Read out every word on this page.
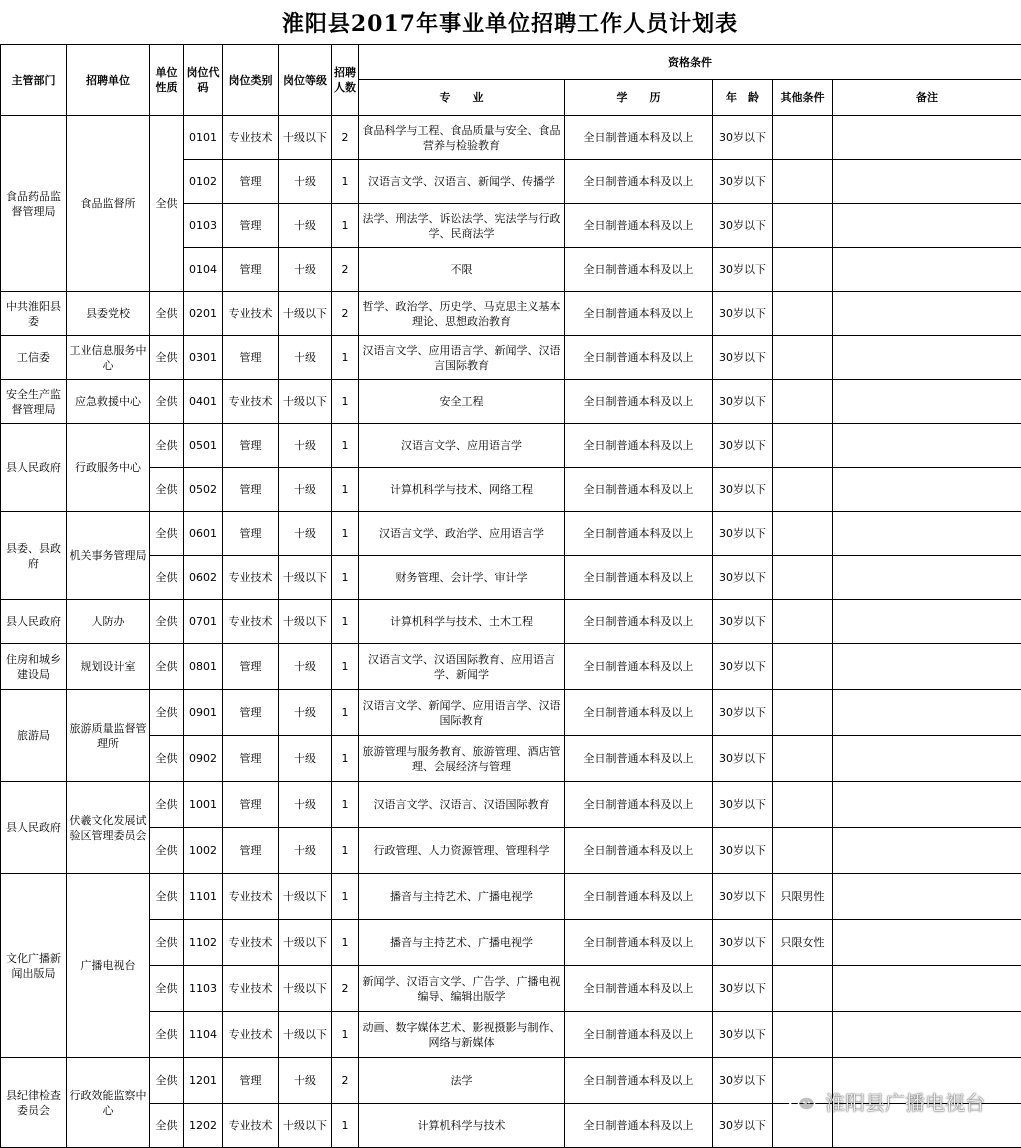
淮阳县2017年事业单位招聘工作人员计划表
主管部门	招聘单位	单位性质	岗位代码	岗位类别	岗位等级	招聘人数	资格条件				
							专　　业	学　　历	年　龄	其他条件	备注
食品药品监督管理局	食品监督所	全供	0101	专业技术	十级以下	2	食品科学与工程、食品质量与安全、食品营养与检验教育	全日制普通本科及以上	30岁以下		
			0102	管理	十级	1	汉语言文学、汉语言、新闻学、传播学	全日制普通本科及以上	30岁以下		
			0103	管理	十级	1	法学、刑法学、诉讼法学、宪法学与行政学、民商法学	全日制普通本科及以上	30岁以下		
			0104	管理	十级	2	不限	全日制普通本科及以上	30岁以下		
中共淮阳县委	县委党校	全供	0201	专业技术	十级以下	2	哲学、政治学、历史学、马克思主义基本理论、思想政治教育	全日制普通本科及以上	30岁以下		
工信委	工业信息服务中心	全供	0301	管理	十级	1	汉语言文学、应用语言学、新闻学、汉语言国际教育	全日制普通本科及以上	30岁以下		
安全生产监督管理局	应急救援中心	全供	0401	专业技术	十级以下	1	安全工程	全日制普通本科及以上	30岁以下		
县人民政府	行政服务中心	全供	0501	管理	十级	1	汉语言文学、应用语言学	全日制普通本科及以上	30岁以下		
		全供	0502	管理	十级	1	计算机科学与技术、网络工程	全日制普通本科及以上	30岁以下		
县委、县政府	机关事务管理局	全供	0601	管理	十级	1	汉语言文学、政治学、应用语言学	全日制普通本科及以上	30岁以下		
		全供	0602	专业技术	十级以下	1	财务管理、会计学、审计学	全日制普通本科及以上	30岁以下		
县人民政府	人防办	全供	0701	专业技术	十级以下	1	计算机科学与技术、土木工程	全日制普通本科及以上	30岁以下		
住房和城乡建设局	规划设计室	全供	0801	管理	十级	1	汉语言文学、汉语国际教育、应用语言学、新闻学	全日制普通本科及以上	30岁以下		
旅游局	旅游质量监督管理所	全供	0901	管理	十级	1	汉语言文学、新闻学、应用语言学、汉语国际教育	全日制普通本科及以上	30岁以下		
		全供	0902	管理	十级	1	旅游管理与服务教育、旅游管理、酒店管理、会展经济与管理	全日制普通本科及以上	30岁以下		
县人民政府	伏羲文化发展试验区管理委员会	全供	1001	管理	十级	1	汉语言文学、汉语言、汉语国际教育	全日制普通本科及以上	30岁以下		
		全供	1002	管理	十级	1	行政管理、人力资源管理、管理科学	全日制普通本科及以上	30岁以下		
文化广播新闻出版局	广播电视台	全供	1101	专业技术	十级以下	1	播音与主持艺术、广播电视学	全日制普通本科及以上	30岁以下	只限男性	
		全供	1102	专业技术	十级以下	1	播音与主持艺术、广播电视学	全日制普通本科及以上	30岁以下	只限女性	
		全供	1103	专业技术	十级以下	2	新闻学、汉语言文学、广告学、广播电视编导、编辑出版学	全日制普通本科及以上	30岁以下		
		全供	1104	专业技术	十级以下	1	动画、数字媒体艺术、影视摄影与制作、网络与新媒体	全日制普通本科及以上	30岁以下		
县纪律检查委员会	行政效能监察中心	全供	1201	管理	十级	2	法学	全日制普通本科及以上	30岁以下		
		全供	1202	专业技术	十级以下	1	计算机科学与技术	全日制普通本科及以上	30岁以下		
淮阳县广播电视台
